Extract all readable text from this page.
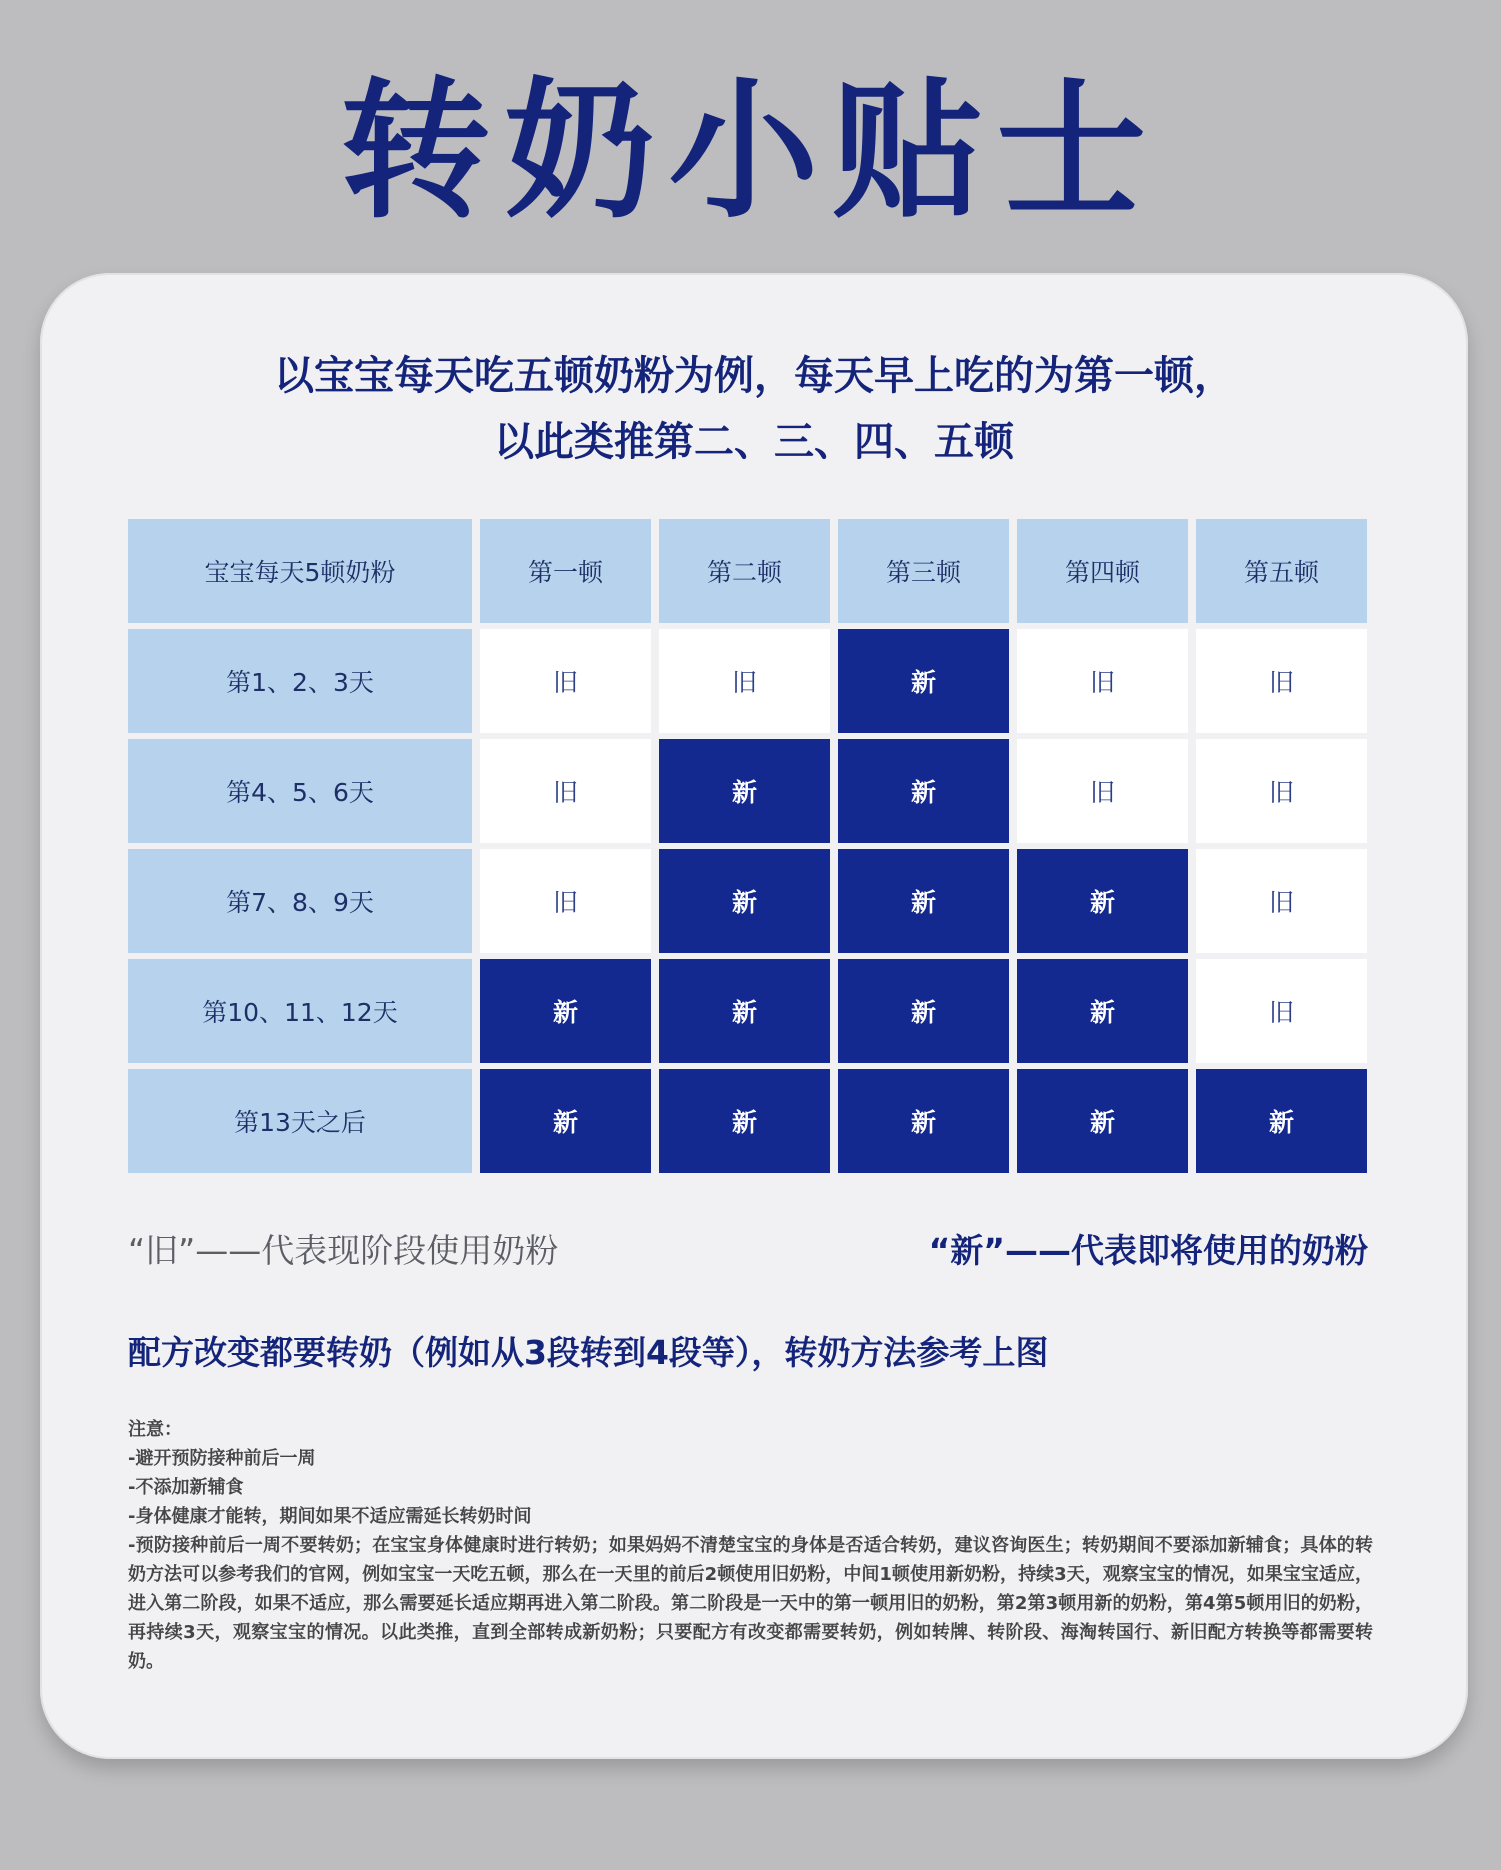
转奶小贴士
以宝宝每天吃五顿奶粉为例，每天早上吃的为第一顿，
以此类推第二、三、四、五顿
宝宝每天5顿奶粉	第一顿	第二顿	第三顿	第四顿	第五顿
第1、2、3天	旧	旧	新	旧	旧
第4、5、6天	旧	新	新	旧	旧
第7、8、9天	旧	新	新	新	旧
第10、11、12天	新	新	新	新	旧
第13天之后	新	新	新	新	新
“旧”——代表现阶段使用奶粉	“新”——代表即将使用的奶粉
配方改变都要转奶（例如从3段转到4段等），转奶方法参考上图
注意：
-避开预防接种前后一周
-不添加新辅食
-身体健康才能转，期间如果不适应需延长转奶时间
-预防接种前后一周不要转奶；在宝宝身体健康时进行转奶；如果妈妈不清楚宝宝的身体是否适合转奶，建议咨询医生；转奶期间不要添加新辅食；具体的转奶方法可以参考我们的官网，例如宝宝一天吃五顿，那么在一天里的前后2顿使用旧奶粉，中间1顿使用新奶粉，持续3天，观察宝宝的情况，如果宝宝适应，进入第二阶段，如果不适应，那么需要延长适应期再进入第二阶段。第二阶段是一天中的第一顿用旧的奶粉，第2第3顿用新的奶粉，第4第5顿用旧的奶粉，再持续3天，观察宝宝的情况。以此类推，直到全部转成新奶粉；只要配方有改变都需要转奶，例如转牌、转阶段、海淘转国行、新旧配方转换等都需要转奶。
